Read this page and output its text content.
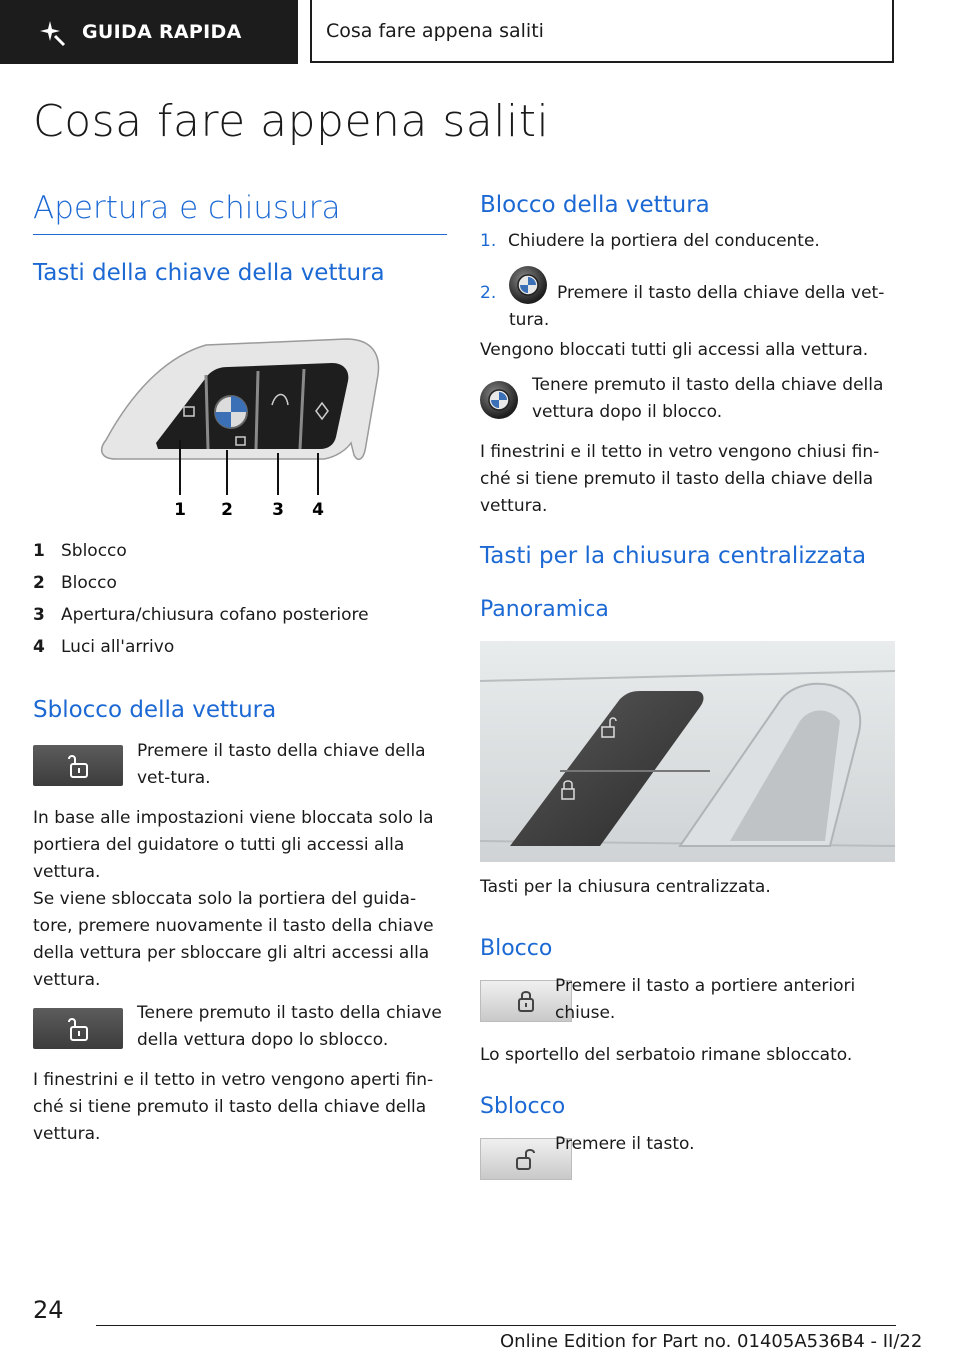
GUIDA RAPIDA	Cosa fare appena saliti
Cosa fare appena saliti
Apertura e chiusura
Tasti della chiave della vettura
1 2 3 4
1 Sblocco
2 Blocco
3 Apertura/chiusura cofano posteriore
4 Luci all'arrivo
Sblocco della vettura
Premere il tasto della chiave della vet-tura.
In base alle impostazioni viene bloccata solo la portiera del guidatore o tutti gli accessi alla vettura.
Se viene sbloccata solo la portiera del guida-tore, premere nuovamente il tasto della chiave della vettura per sbloccare gli altri accessi alla vettura.
Tenere premuto il tasto della chiave della vettura dopo lo sblocco.
I finestrini e il tetto in vetro vengono aperti fin-ché si tiene premuto il tasto della chiave della vettura.
Blocco della vettura
1. Chiudere la portiera del conducente.
2.	Premere il tasto della chiave della vet-tura.
Vengono bloccati tutti gli accessi alla vettura.
Tenere premuto il tasto della chiave della vettura dopo il blocco.
I finestrini e il tetto in vetro vengono chiusi fin-ché si tiene premuto il tasto della chiave della vettura.
Tasti per la chiusura centralizzata
Panoramica
Tasti per la chiusura centralizzata.
Blocco
Premere il tasto a portiere anteriori chiuse.
Lo sportello del serbatoio rimane sbloccato.
Sblocco
Premere il tasto.
24
Online Edition for Part no. 01405A536B4 - II/22
